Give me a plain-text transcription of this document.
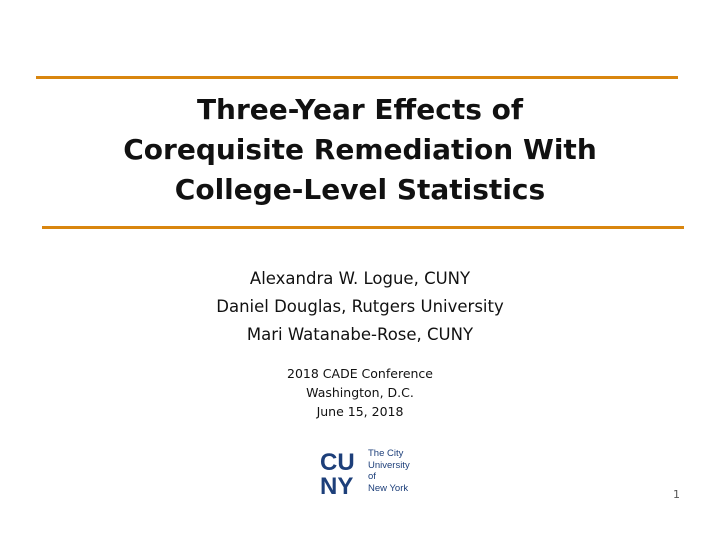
Three-Year Effects of
Corequisite Remediation With
College-Level Statistics
Alexandra W. Logue, CUNY
Daniel Douglas, Rutgers University
Mari Watanabe-Rose, CUNY
2018 CADE Conference
Washington, D.C.
June 15, 2018
CU
NY
The City
University
of
New York	1
